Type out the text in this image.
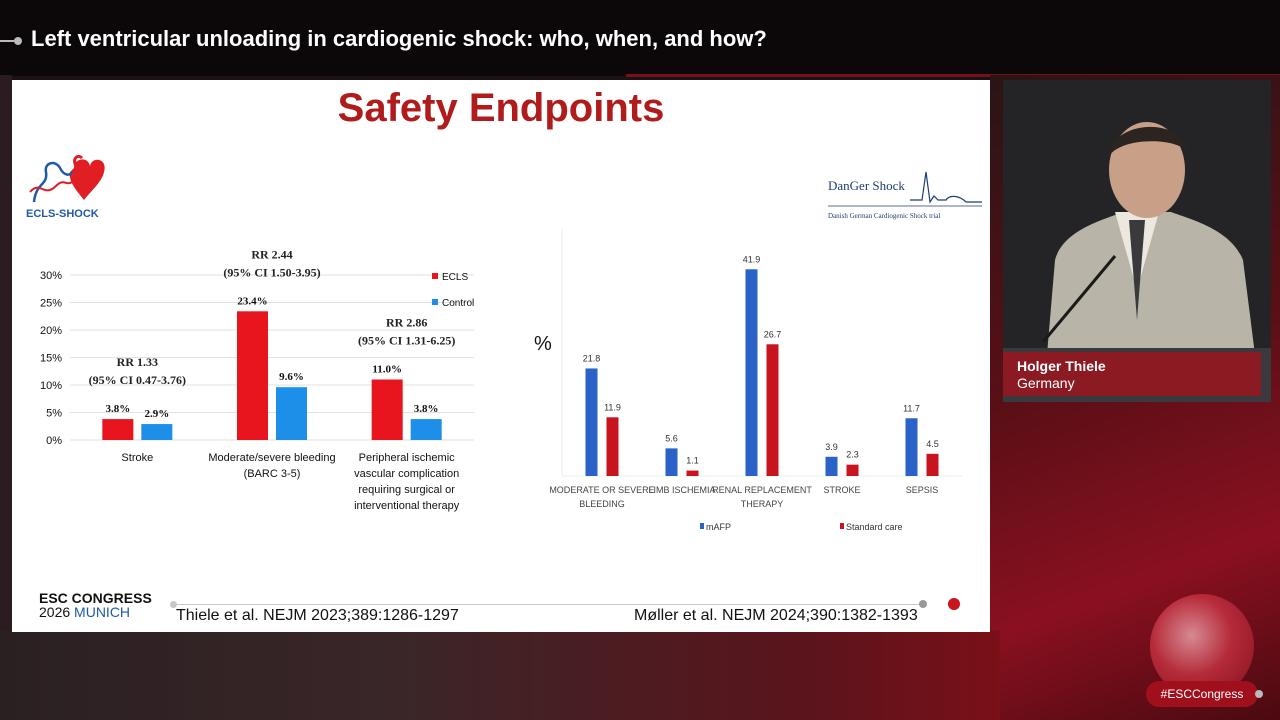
Left ventricular unloading in cardiogenic shock: who, when, and how?
Safety Endpoints
ECLS-SHOCK
DanGer Shock
Danish German Cardiogenic Shock trial
0%
5%
10%
15%
20%
25%
30%
3.8% 2.9%
Stroke
RR 1.33
(95% CI 0.47-3.76)
23.4%
9.6%
Moderate/severe bleeding
(BARC 3-5)
RR 2.44
(95% CI 1.50-3.95)
11.0%
3.8%
Peripheral ischemic
vascular complication
requiring surgical or
interventional therapy
RR 2.86
(95% CI 1.31-6.25)
ECLS
Control
%
21.8
11.9
MODERATE OR SEVERE
BLEEDING
5.6
1.1
LIMB ISCHEMIA
41.9
26.7
RENAL REPLACEMENT
THERAPY
3.9
2.3
STROKE
11.7
4.5
SEPSIS
mAFP	Standard care
ESC CONGRESS
2026 MUNICH	Thiele et al. NEJM 2023;389:1286-1297	Møller et al. NEJM 2024;390:1382-1393
Holger Thiele
Germany
#ESCCongress
